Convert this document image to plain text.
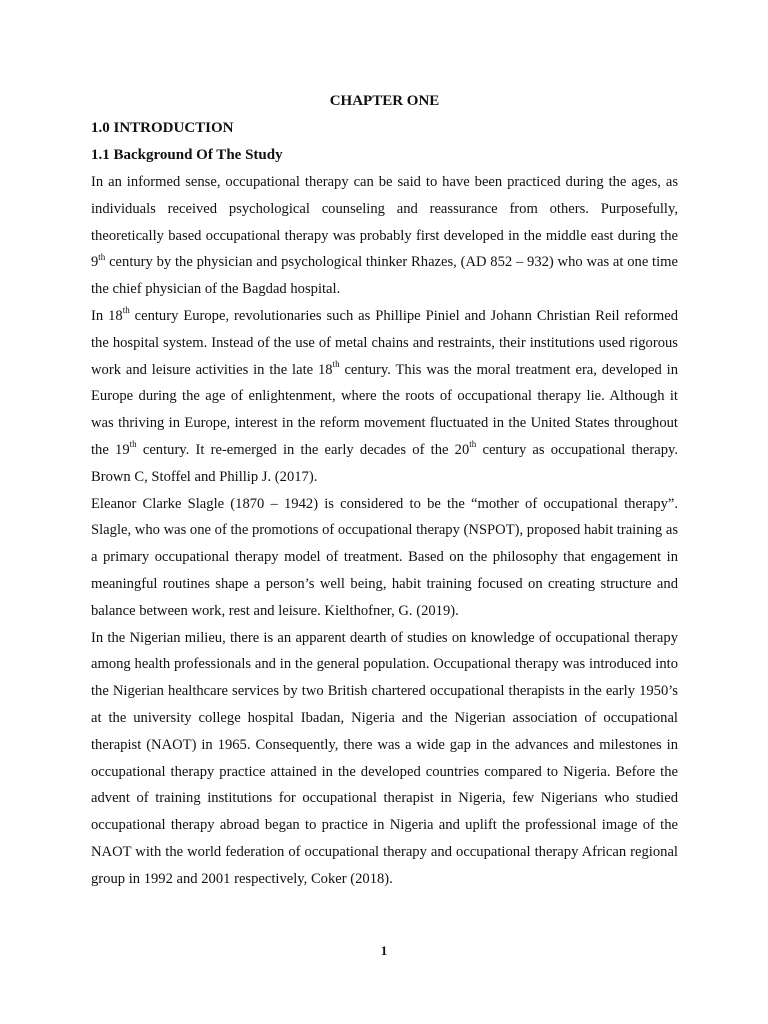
CHAPTER ONE

1.0 INTRODUCTION

1.1 Background Of The Study

In an informed sense, occupational therapy can be said to have been practiced during the ages, as individuals received psychological counseling and reassurance from others. Purposefully, theoretically based occupational therapy was probably first developed in the middle east during the 9th century by the physician and psychological thinker Rhazes, (AD 852 – 932) who was at one time the chief physician of the Bagdad hospital.

In 18th century Europe, revolutionaries such as Phillipe Piniel and Johann Christian Reil reformed the hospital system. Instead of the use of metal chains and restraints, their institutions used rigorous work and leisure activities in the late 18th century. This was the moral treatment era, developed in Europe during the age of enlightenment, where the roots of occupational therapy lie. Although it was thriving in Europe, interest in the reform movement fluctuated in the United States throughout the 19th century. It re-emerged in the early decades of the 20th century as occupational therapy. Brown C, Stoffel and Phillip J. (2017).

Eleanor Clarke Slagle (1870 – 1942) is considered to be the “mother of occupational therapy”. Slagle, who was one of the promotions of occupational therapy (NSPOT), proposed habit training as a primary occupational therapy model of treatment. Based on the philosophy that engagement in meaningful routines shape a person’s well being, habit training focused on creating structure and balance between work, rest and leisure. Kielthofner, G. (2019).

In the Nigerian milieu, there is an apparent dearth of studies on knowledge of occupational therapy among health professionals and in the general population. Occupational therapy was introduced into the Nigerian healthcare services by two British chartered occupational therapists in the early 1950’s at the university college hospital Ibadan, Nigeria and the Nigerian association of occupational therapist (NAOT) in 1965. Consequently, there was a wide gap in the advances and milestones in occupational therapy practice attained in the developed countries compared to Nigeria. Before the advent of training institutions for occupational therapist in Nigeria, few Nigerians who studied occupational therapy abroad began to practice in Nigeria and uplift the professional image of the NAOT with the world federation of occupational therapy and occupational therapy African regional group in 1992 and 2001 respectively, Coker (2018).

1
